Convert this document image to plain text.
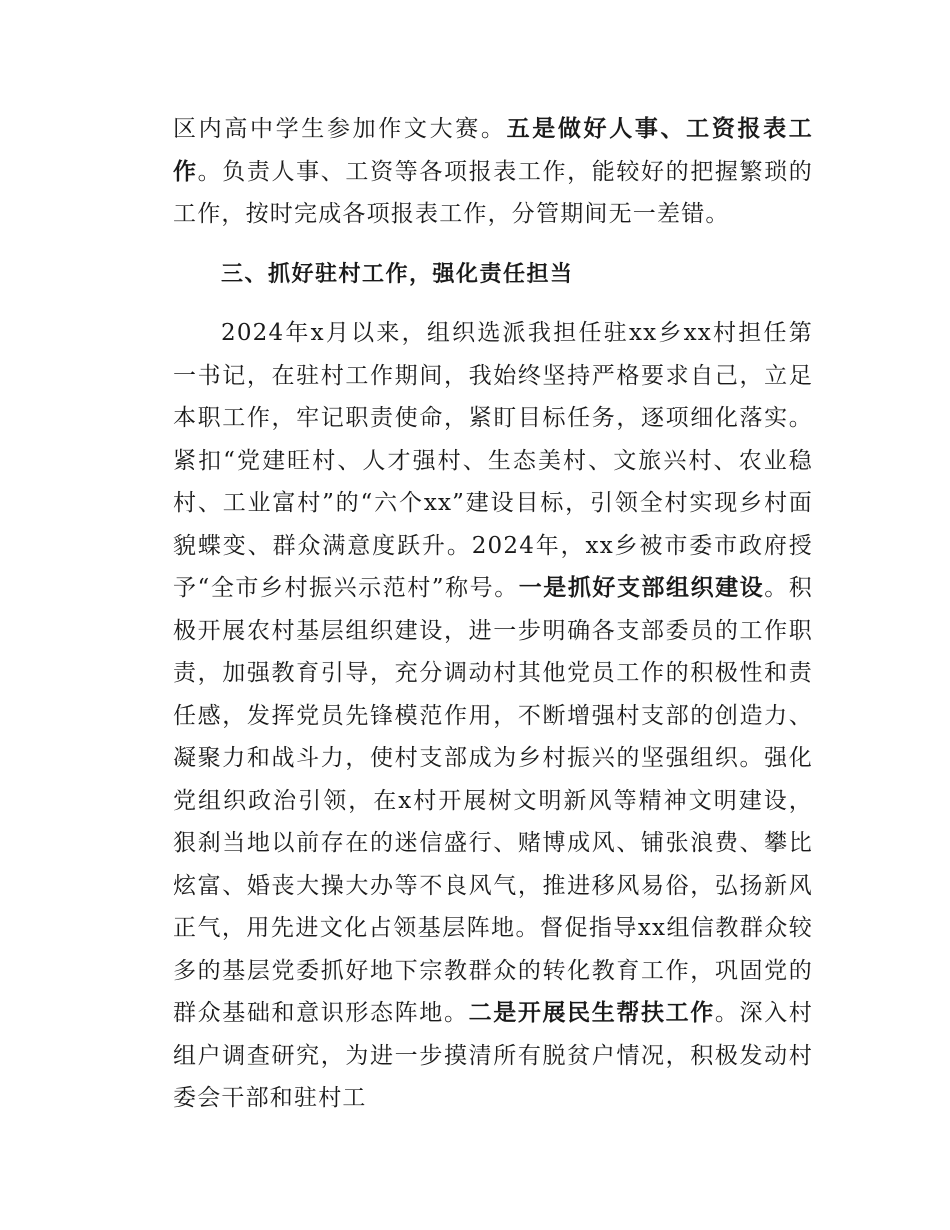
区内高中学生参加作文大赛。五是做好人事、工资报表工作。负责人事、工资等各项报表工作，能较好的把握繁琐的工作，按时完成各项报表工作，分管期间无一差错。

三、抓好驻村工作，强化责任担当

2024年x月以来，组织选派我担任驻xx乡xx村担任第一书记，在驻村工作期间，我始终坚持严格要求自己，立足本职工作，牢记职责使命，紧盯目标任务，逐项细化落实。紧扣“党建旺村、人才强村、生态美村、文旅兴村、农业稳村、工业富村”的“六个xx”建设目标，引领全村实现乡村面貌蝶变、群众满意度跃升。2024年，xx乡被市委市政府授予“全市乡村振兴示范村”称号。一是抓好支部组织建设。积极开展农村基层组织建设，进一步明确各支部委员的工作职责，加强教育引导，充分调动村其他党员工作的积极性和责任感，发挥党员先锋模范作用，不断增强村支部的创造力、凝聚力和战斗力，使村支部成为乡村振兴的坚强组织。强化党组织政治引领，在x村开展树文明新风等精神文明建设，狠刹当地以前存在的迷信盛行、赌博成风、铺张浪费、攀比炫富、婚丧大操大办等不良风气，推进移风易俗，弘扬新风正气，用先进文化占领基层阵地。督促指导xx组信教群众较多的基层党委抓好地下宗教群众的转化教育工作，巩固党的群众基础和意识形态阵地。二是开展民生帮扶工作。深入村组户调查研究，为进一步摸清所有脱贫户情况，积极发动村委会干部和驻村工
